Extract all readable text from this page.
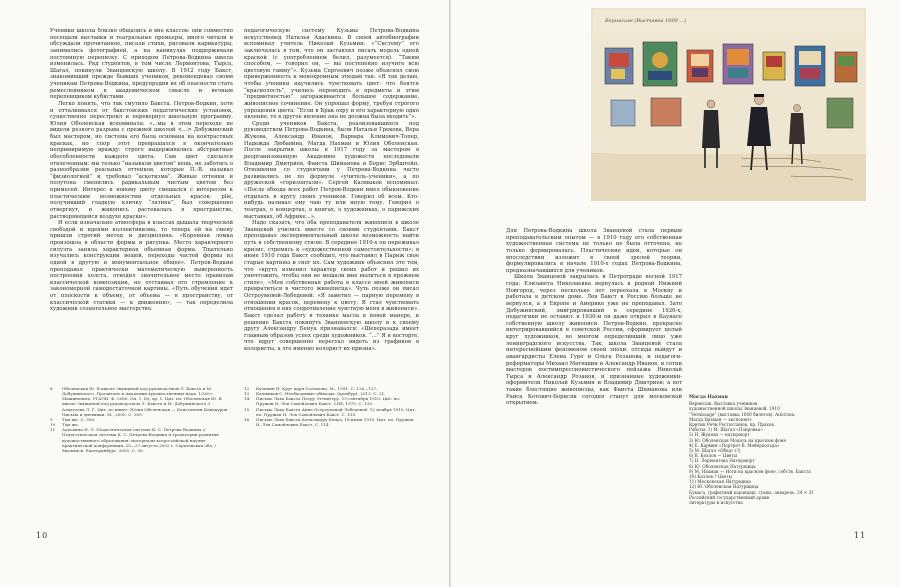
Ученики школы близко общались и вне классов: они совместно посещали выставки и театральные премьеры, много читали и обсуждали прочитанное, писали стихи, рисовали карикатуры, занимались фотографией, а на каникулах поддерживали постоянную переписку. С приходом Петрова-Водкина школа изменилась. Ряд студентов, в том числе Лермонтова, Тырса, Шагал, покинули Званцевскую школу. В 1912 году Бакст, знакомивший прежде бывших учеников, рекомендовал своим ученикам Петрова-Водкина, предупредив их об опасности стать ремесленником в академическом смысле и вечным перепевщиком кубистами.

Легко понять, что так смутило Бакста. Петров-Водкин, хотя и отталкивался от бакстовских педагогических установок, существенно перестроил и перевернул школьную программу. Юлия Оболенская вспоминала: «...мы в этом переходе не видели резкого разрыва с прежней школой <...> Добужинский был мастером, но система его была основана на контрастных красках, но спор этот превращался в окончательно непримиримую вражду: строго выдерживались абстрактные обособленности каждого цвета. Сам цвет сделался отвлеченным: мы только “называли цветом” вещь, не заботясь о разнообразии реальных оттенков, которые П.-В. называл “физиологией” и требовал “аскетизма”. Живые оттенки и полутона сменялись радикальным чистым цветом без примесей. Интерес к новому цвету смешался с интересом к пластическим возможностям отдельных красок: plie, получивший гладкую кличку “латина”, был совершенно отвергнут, и живопись растекалась в пространстве, растворяющейся воздухе краски».

И если изначально атмосфера в классах дышала творческой свободой и идеями коллективизма, то теперь ей на смену пришли строгий метод и дисциплина. «Коренная ломка произошла в области формы и рисунка. Место характерного силуэта заняла характерная объемная форма. Тщательно изучались конструкции вещей, переходы частей формы из одной в другую и монументальное общее». Петров-Водкин преподавал практически математическую выверенность построения холста, отводил значительное место правилам классической композиции, но отстаивал его стремление к закономерной самодостаточной картины. «Путь обучения идет от плоскости к объему, от объема — в пространству, от классической статики — к движению», — так определила художник сознательное мастерство.

педагогическую систему Кузьмы Петрова-Водкина искусствовед Наталья Адаскина. В своей автобиографии вспоминал учитель Николай Кузьмин: «“Систему” его заключалась в том, что он заставлял писать модель одной краской (с употреблением белил, разумеется). “Таким способом, — говорил он, — вы постепенно изучите всю цветовую гамму”». Кузьма Сергеевич позже объяснял свою приверженность к монохромным этюдам так: «Я так делаю, чтобы ученики научились чувствовать цвет: что боятся “краснолость”, учились переводить в предметы и этим “предметностью” загораживается большое содержание, живописное сочинение. Он упрощал форму, требуя строгого упрощения цвета: “Если в Брак охру и его характерную одно явление, то в другое явление она не должна была входить”».

Среди учеников Бакста, реализовавшихся под руководством Петрова-Водкина, были Наталья Грекова, Вера Жукова, Александр Иванов, Варвара Климович-Топер, Надежда Любавина, Магда Нахман и Юлия Оболенская. После закрытия школы в 1917 году за мастером в реорганизованную Академию художеств последовали Владимир Дмитриев, Фаиста Шкмановa и Борис Эрбштейн. Отношения со студентами у Петрова-Водкина часто развивались не по формуле «учитель–ученики», а по дружеской «горизонтали». Сергей Калмыков вспоминал: «После обхода всех работ Петров-Водкин имел обыкновение отдыхать в кругу своих учеников. Говорил об всем. Кто-нибудь наливал ему чаю ту или иную тему. Говорил о театрах, о концертах, о книгах, о художниках, о парижских выставках, об Африке...».

Надо сказать, что оба преподавателя живописи в школе Званцевой учились вместе со своими студентами. Бакст преподавал экспериментальный школе возможность найти путь к собственному стилю. В середине 1910-х он переживал кризис, стремясь к «художественной самостоятельности»; в июне 1910 года Бакст сообщил, что выставил в Париж свое старые картины и снег их. Сам художник объяснил это тем, что «круто изменил характер своих работ и решил их уничтожить, чтобы они не мешали мне вылиться в прежнем стиле», «Моя собственная работа в классе моей живописи превратиться в чистого живописца». Чуть позже он писал Остроумовой-Лебедевой: «Я заметил — парную перемену в отношении красок, перемену к цвету. Я стал чувствовать отношения в них сопротивление чувствую меня в живописи». Бакст сделал работу в технике масла в новой манере, и решение Бакста покинуть Званцевскую школу и к своему другу Александру Бенуа признавался: «Шехеразада имеет главным образом успех среди художников. “...” Я в восторге, что вдруг совершенно перестал видеть из графиков в колористы, а это именно колорист их призна».

8	Оболенская Ю. В школе Званцевой под руководством Л. Бакста и М. Добужинского. Прочитано в Академии художественных наук. 1926 г. Машинопись. РГАЛИ. Ф. 2080. Оп. 1. Ед. хр. 1. Цит. по: Оболенская Ю. В школе Званцевой под руководством Л. Бакста и М. Добужинского // Алексеева Л. Г. Цит. по книге: Юлия Оболенская — Константин Кандауров. Письма и дневники. М., 2005. С. 309.
9	Там же. С. 308.
10	Там же.
11	Адаскина Н. Л. Педагогическая система К. С. Петрова-Водкина // Педагогическая система К. С. Петрова-Водкина и траектории развития художественного образования: материалы всероссийской научно-практической конференции, 25—27 августа 2002 г. Саратовская обл. / Хвалынск. Екатеринбург, 2005. С. 30.
12	Кузьмин Н. Круг царя Соломона. М., 1991. С. 126—127.
13	Калмыков С. Необходимые обиходы. Оренбург, 2013. С. 21.
14	Письмо Льва Бакста Петру Эттингеру. 15 сентября 1910. Цит. по: Пружан И. Лев Самойлович Бакст. СПб, 1975. С. 135.
15	Письмо Льва Бакста Анне Остроумовой-Лебедевой. 12 ноября 1910. Цит. по: Пружан И. Лев Самойлович Бакст. С. 135.
16	Письмо Льва Бакста Александру Бенуа. 18 июня 1910. Цит. по: Пружан И. Лев Самойлович Бакст. С. 114.
10	11
Вернисаж (Выставка 1000 ...)

Для Петрова-Водкина школа Званцевой стала первым преподавательским опытом — в 1910 году его собственная художественная система не только не была отточена, но только формировалась. Пластические идеи, которые он впоследствии изложит в своей зрелой теории, формулировались в начале 1910-х годах Петрова-Водкина, предназначавшихся для учеников.

Школа Званцевой закрылась в Петрограде весной 1917 года: Елизавета Николаевна вернулась в родной Нижний Новгород, через несколько лет переехала в Москву и работала в детском доме. Лев Бакст в Россию больше не вернулся, а в Европе и Америке уже не преподавал. Зато Добужинский, эмигрировавший в середине 1920-х, педагогики не оставил: в 1930-м он даже открыл в Каунасе собственную школу живописи. Петров-Водкин, прекрасно интегрировавшийся в советской России, сформирует целый круг художников, во многом определивший лицо уже ленинградского искусства. Так, школа Званцевой стала интереснейшим феноменом своей эпохи: отсюда выйдут и авангардисты Елена Гуро и Ольга Розанова, и педагоги-реформаторы Михаил Матюшин и Александр Иванов, и сотни мастеров постимпрессионистического пейзажа Николай Тырса и Александр Розанов, и признанные художники-оформители Николай Кузьмин и Владимир Дмитриев; а вот такие блестящие живописцы, как Фаиста Шкманова или Раиса Котович-Борисяк сегодня станут для московской открытием.

Магда Нахман
Вернисаж. Выставка учеников
художественной школы Званцевой. 1910
“Vernissage” (выставка 1000 билетов). Аполлон.
Магда Нахман — экспонент.
Критик Речи Ростисланов, пр. Прахов.
Работы: 1) М. Шагал «Покровка»
2) Н. Жукова — натюрморт
3) Ю. Оболенская Модель на красном фоне
4) Е. Кармин «Портрет В. Мейерхольда»
5) М. Шагал «Обед» (?)
6) В. Козлов — Цветы
7) Н. Лермонтова Натюрморт
8) Ю. Оболенская Натурщица
9) М. Нахман — Ноги на красном фоне, собств. Бакста
10) Козлов ? Цветы
11) Московская Натурщица
12) Ю. Оболенская Натурщица
Бумага, графитный карандаш, гуашь, акварель. 24 × 31
Российский государственный архив
литературы и искусства
